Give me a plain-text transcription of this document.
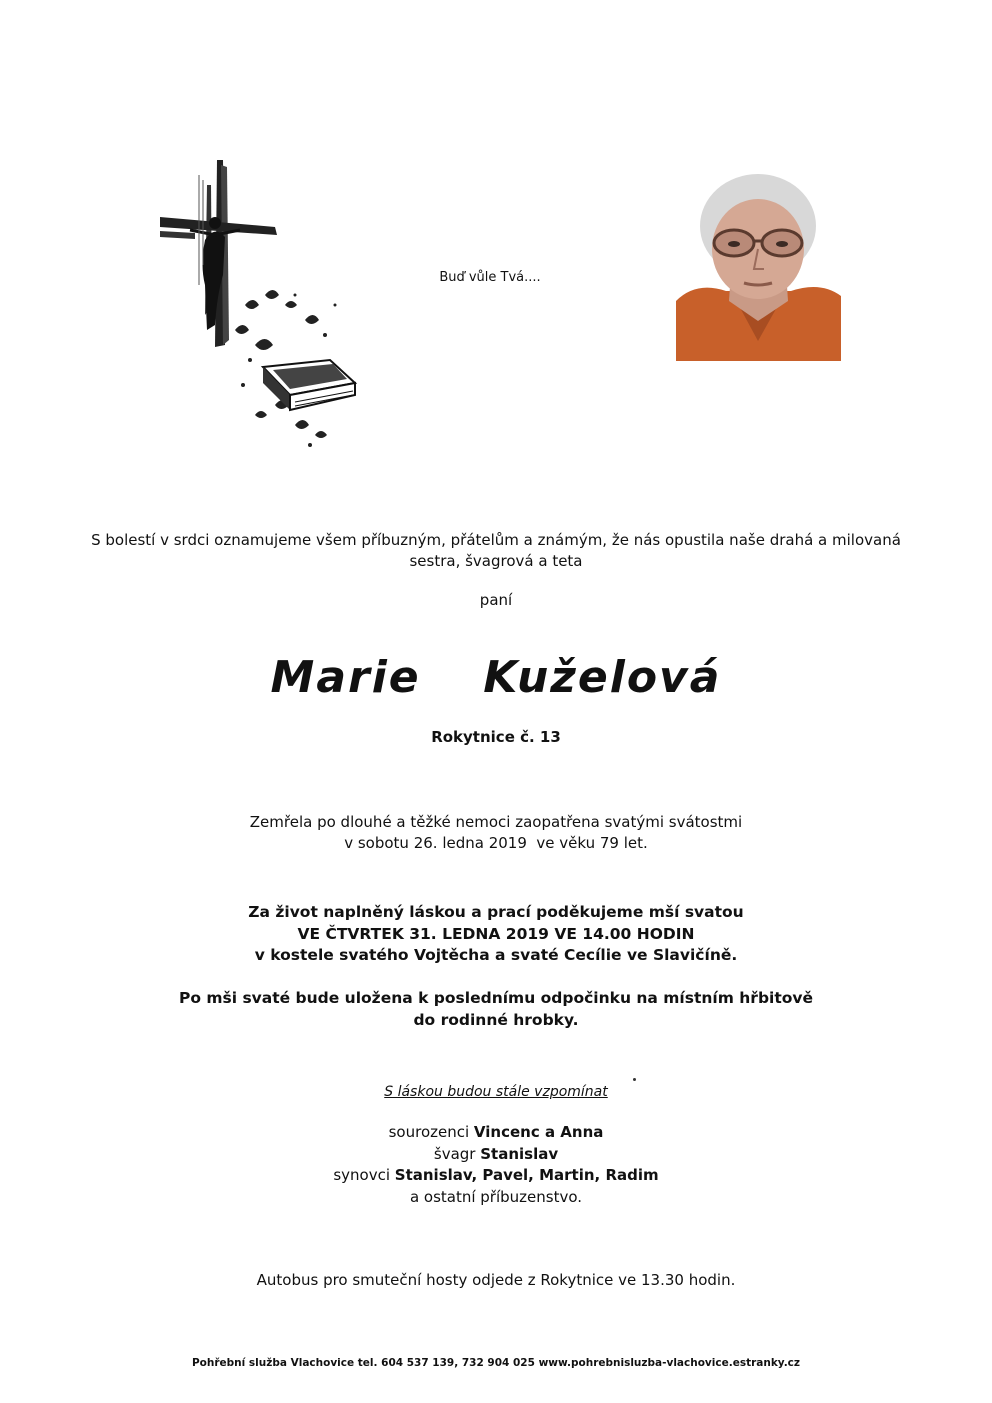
Buď vůle Tvá....
S bolestí v srdci oznamujeme všem příbuzným, přátelům a známým, že nás opustila naše drahá a milovaná
sestra, švagrová a teta
paní
Marie  Kuželová
Rokytnice č. 13
Zemřela po dlouhé a těžké nemoci zaopatřena svatými svátostmi
v sobotu 26. ledna 2019  ve věku 79 let.
Za život naplněný láskou a prací poděkujeme mší svatou
VE ČTVRTEK 31. LEDNA 2019 VE 14.00 HODIN
v kostele svatého Vojtěcha a svaté Cecílie ve Slavičíně.
Po mši svaté bude uložena k poslednímu odpočinku na místním hřbitově
do rodinné hrobky.
S láskou budou stále vzpomínat
sourozenci Vincenc a Anna
švagr Stanislav
synovci Stanislav, Pavel, Martin, Radim
a ostatní příbuzenstvo.
Autobus pro smuteční hosty odjede z Rokytnice ve 13.30 hodin.
Pohřební služba Vlachovice tel. 604 537 139, 732 904 025 www.pohrebnisluzba-vlachovice.estranky.cz
